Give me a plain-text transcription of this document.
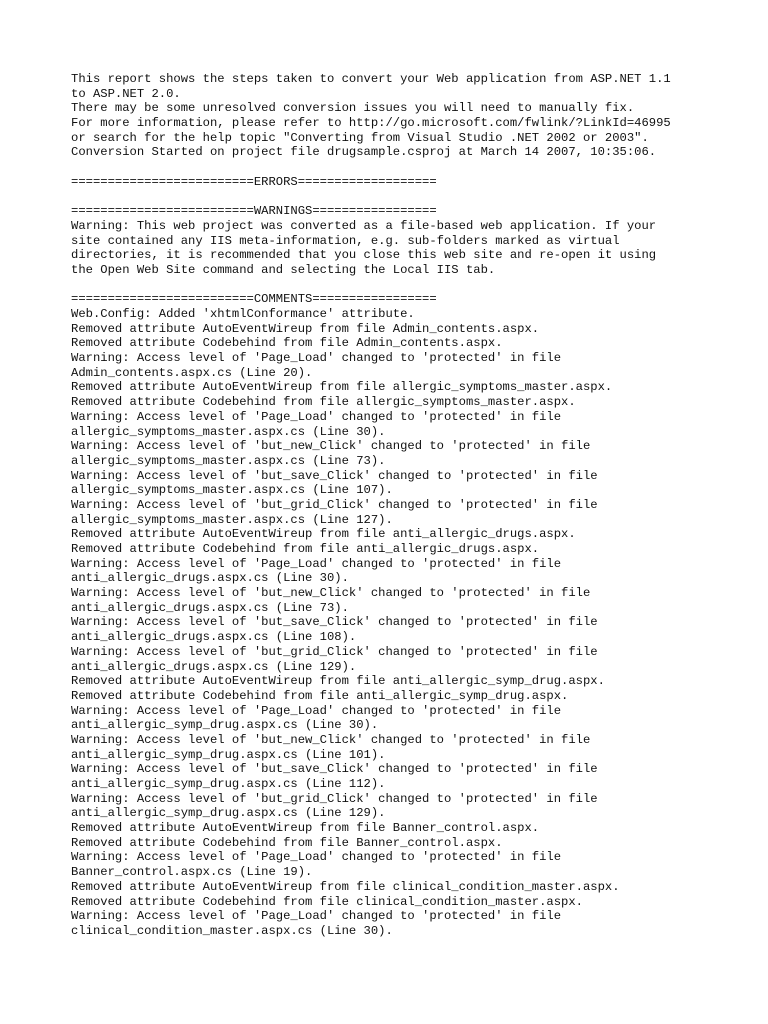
This report shows the steps taken to convert your Web application from ASP.NET 1.1
to ASP.NET 2.0.
There may be some unresolved conversion issues you will need to manually fix.
For more information, please refer to http://go.microsoft.com/fwlink/?LinkId=46995
or search for the help topic "Converting from Visual Studio .NET 2002 or 2003".
Conversion Started on project file drugsample.csproj at March 14 2007, 10:35:06.
=========================ERRORS===================
=========================WARNINGS=================
Warning: This web project was converted as a file-based web application. If your
site contained any IIS meta-information, e.g. sub-folders marked as virtual
directories, it is recommended that you close this web site and re-open it using
the Open Web Site command and selecting the Local IIS tab.
=========================COMMENTS=================
Web.Config: Added 'xhtmlConformance' attribute.
Removed attribute AutoEventWireup from file Admin_contents.aspx.
Removed attribute Codebehind from file Admin_contents.aspx.
Warning: Access level of 'Page_Load' changed to 'protected' in file
Admin_contents.aspx.cs (Line 20).
Removed attribute AutoEventWireup from file allergic_symptoms_master.aspx.
Removed attribute Codebehind from file allergic_symptoms_master.aspx.
Warning: Access level of 'Page_Load' changed to 'protected' in file
allergic_symptoms_master.aspx.cs (Line 30).
Warning: Access level of 'but_new_Click' changed to 'protected' in file
allergic_symptoms_master.aspx.cs (Line 73).
Warning: Access level of 'but_save_Click' changed to 'protected' in file
allergic_symptoms_master.aspx.cs (Line 107).
Warning: Access level of 'but_grid_Click' changed to 'protected' in file
allergic_symptoms_master.aspx.cs (Line 127).
Removed attribute AutoEventWireup from file anti_allergic_drugs.aspx.
Removed attribute Codebehind from file anti_allergic_drugs.aspx.
Warning: Access level of 'Page_Load' changed to 'protected' in file
anti_allergic_drugs.aspx.cs (Line 30).
Warning: Access level of 'but_new_Click' changed to 'protected' in file
anti_allergic_drugs.aspx.cs (Line 73).
Warning: Access level of 'but_save_Click' changed to 'protected' in file
anti_allergic_drugs.aspx.cs (Line 108).
Warning: Access level of 'but_grid_Click' changed to 'protected' in file
anti_allergic_drugs.aspx.cs (Line 129).
Removed attribute AutoEventWireup from file anti_allergic_symp_drug.aspx.
Removed attribute Codebehind from file anti_allergic_symp_drug.aspx.
Warning: Access level of 'Page_Load' changed to 'protected' in file
anti_allergic_symp_drug.aspx.cs (Line 30).
Warning: Access level of 'but_new_Click' changed to 'protected' in file
anti_allergic_symp_drug.aspx.cs (Line 101).
Warning: Access level of 'but_save_Click' changed to 'protected' in file
anti_allergic_symp_drug.aspx.cs (Line 112).
Warning: Access level of 'but_grid_Click' changed to 'protected' in file
anti_allergic_symp_drug.aspx.cs (Line 129).
Removed attribute AutoEventWireup from file Banner_control.aspx.
Removed attribute Codebehind from file Banner_control.aspx.
Warning: Access level of 'Page_Load' changed to 'protected' in file
Banner_control.aspx.cs (Line 19).
Removed attribute AutoEventWireup from file clinical_condition_master.aspx.
Removed attribute Codebehind from file clinical_condition_master.aspx.
Warning: Access level of 'Page_Load' changed to 'protected' in file
clinical_condition_master.aspx.cs (Line 30).
